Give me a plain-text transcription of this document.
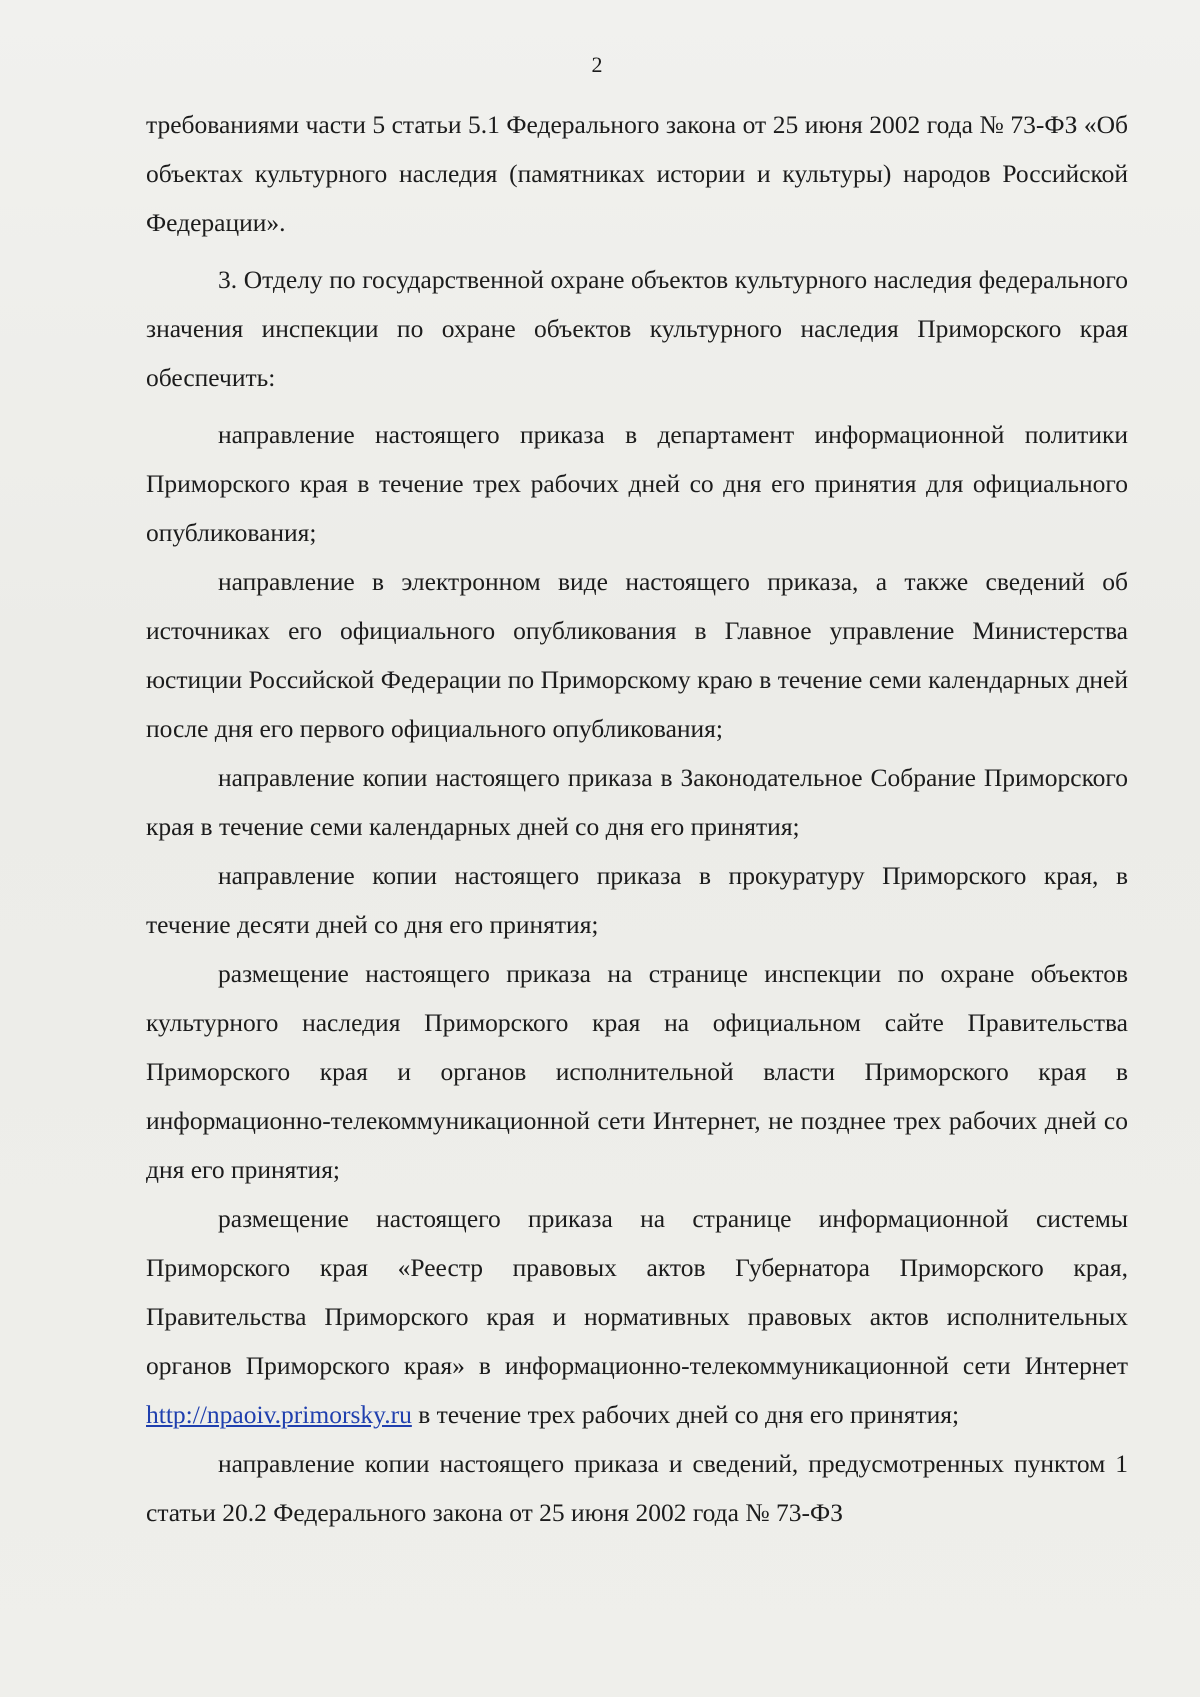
2

требованиями части 5 статьи 5.1 Федерального закона от 25 июня 2002 года № 73-ФЗ «Об объектах культурного наследия (памятниках истории и культуры) народов Российской Федерации».

3. Отделу по государственной охране объектов культурного наследия федерального значения инспекции по охране объектов культурного наследия Приморского края обеспечить:

направление настоящего приказа в департамент информационной политики Приморского края в течение трех рабочих дней со дня его принятия для официального опубликования;

направление в электронном виде настоящего приказа, а также сведений об источниках его официального опубликования в Главное управление Министерства юстиции Российской Федерации по Приморскому краю в течение семи календарных дней после дня его первого официального опубликования;

направление копии настоящего приказа в Законодательное Собрание Приморского края в течение семи календарных дней со дня его принятия;

направление копии настоящего приказа в прокуратуру Приморского края, в течение десяти дней со дня его принятия;

размещение настоящего приказа на странице инспекции по охране объектов культурного наследия Приморского края на официальном сайте Правительства Приморского края и органов исполнительной власти Приморского края в информационно-телекоммуникационной сети Интернет, не позднее трех рабочих дней со дня его принятия;

размещение настоящего приказа на странице информационной системы Приморского края «Реестр правовых актов Губернатора Приморского края, Правительства Приморского края и нормативных правовых актов исполнительных органов Приморского края» в информационно-телекоммуникационной сети Интернет http://npaoiv.primorsky.ru в течение трех рабочих дней со дня его принятия;

направление копии настоящего приказа и сведений, предусмотренных пунктом 1 статьи 20.2 Федерального закона от 25 июня 2002 года № 73-ФЗ
